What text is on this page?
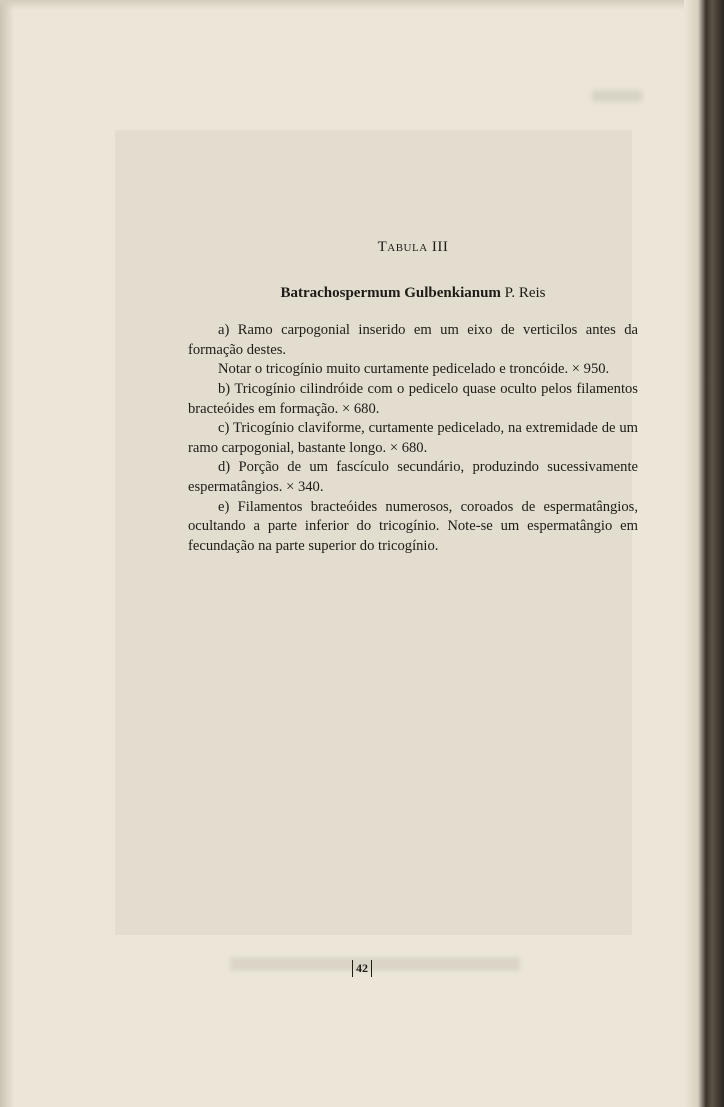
Tabula III
Batrachospermum Gulbenkianum P. Reis

a) Ramo carpogonial inserido em um eixo de verticilos antes da formação destes.

Notar o tricogínio muito curtamente pedicelado e troncóide. × 950.

b) Tricogínio cilindróide com o pedicelo quase oculto pelos filamentos bracteóides em formação. × 680.

c) Tricogínio claviforme, curtamente pedicelado, na extremidade de um ramo carpogonial, bastante longo. × 680.

d) Porção de um fascículo secundário, produzindo sucessivamente espermatângios. × 340.

e) Filamentos bracteóides numerosos, coroados de espermatângios, ocultando a parte inferior do tricogínio. Note-se um espermatângio em fecundação na parte superior do tricogínio.

42
